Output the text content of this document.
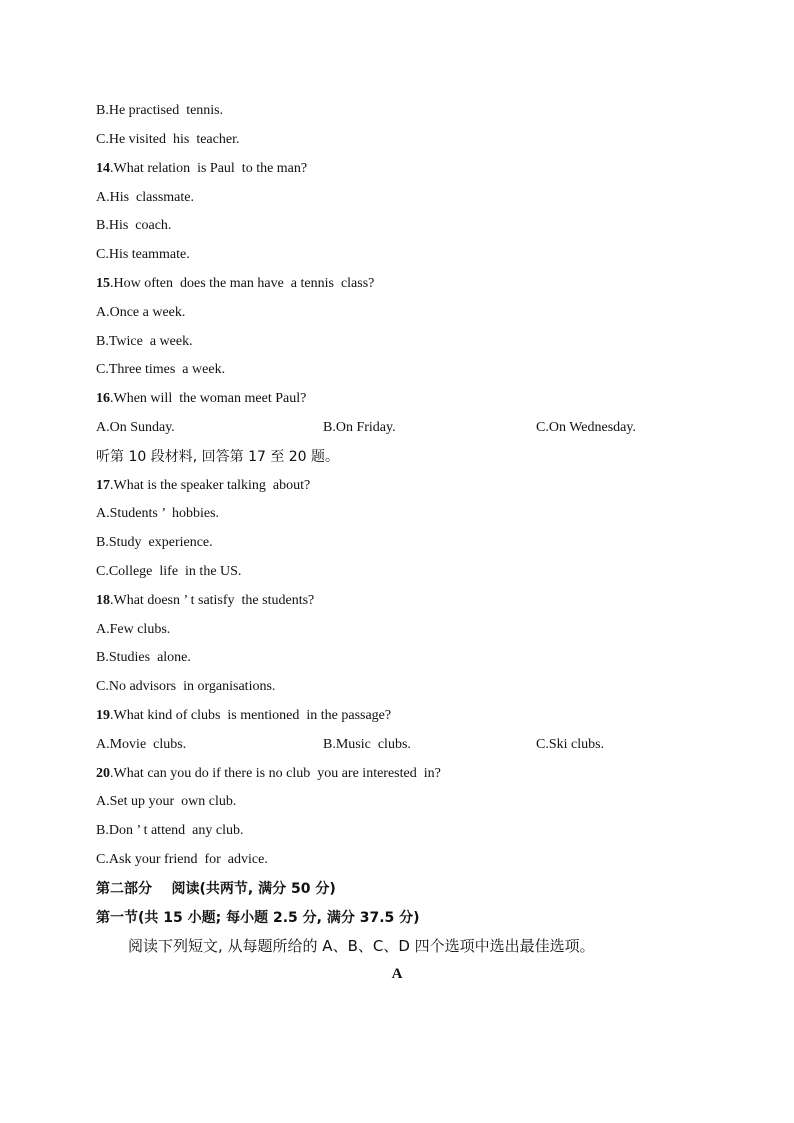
B.He practised  tennis.
C.He visited  his  teacher.
14.What relation  is Paul  to the man?
A.His  classmate.
B.His  coach.
C.His teammate.
15.How often  does the man have  a tennis  class?
A.Once a week.
B.Twice  a week.
C.Three times  a week.
16.When will  the woman meet Paul?
A.On Sunday.	B.On Friday.	C.On Wednesday.
听第 10 段材料, 回答第 17 至 20 题。
17.What is the speaker talking  about?
A.Students ’  hobbies.
B.Study  experience.
C.College  life  in the US.
18.What doesn ’ t satisfy  the students?
A.Few clubs.
B.Studies  alone.
C.No advisors  in organisations.
19.What kind of clubs  is mentioned  in the passage?
A.Movie  clubs.	B.Music  clubs.	C.Ski clubs.
20.What can you do if there is no club  you are interested  in?
A.Set up your  own club.
B.Don ’ t attend  any club.
C.Ask your friend  for  advice.
第二部分    阅读(共两节, 满分 50 分)
第一节(共 15 小题; 每小题 2.5 分, 满分 37.5 分)
阅读下列短文, 从每题所给的 A、B、C、D 四个选项中选出最佳选项。
A
